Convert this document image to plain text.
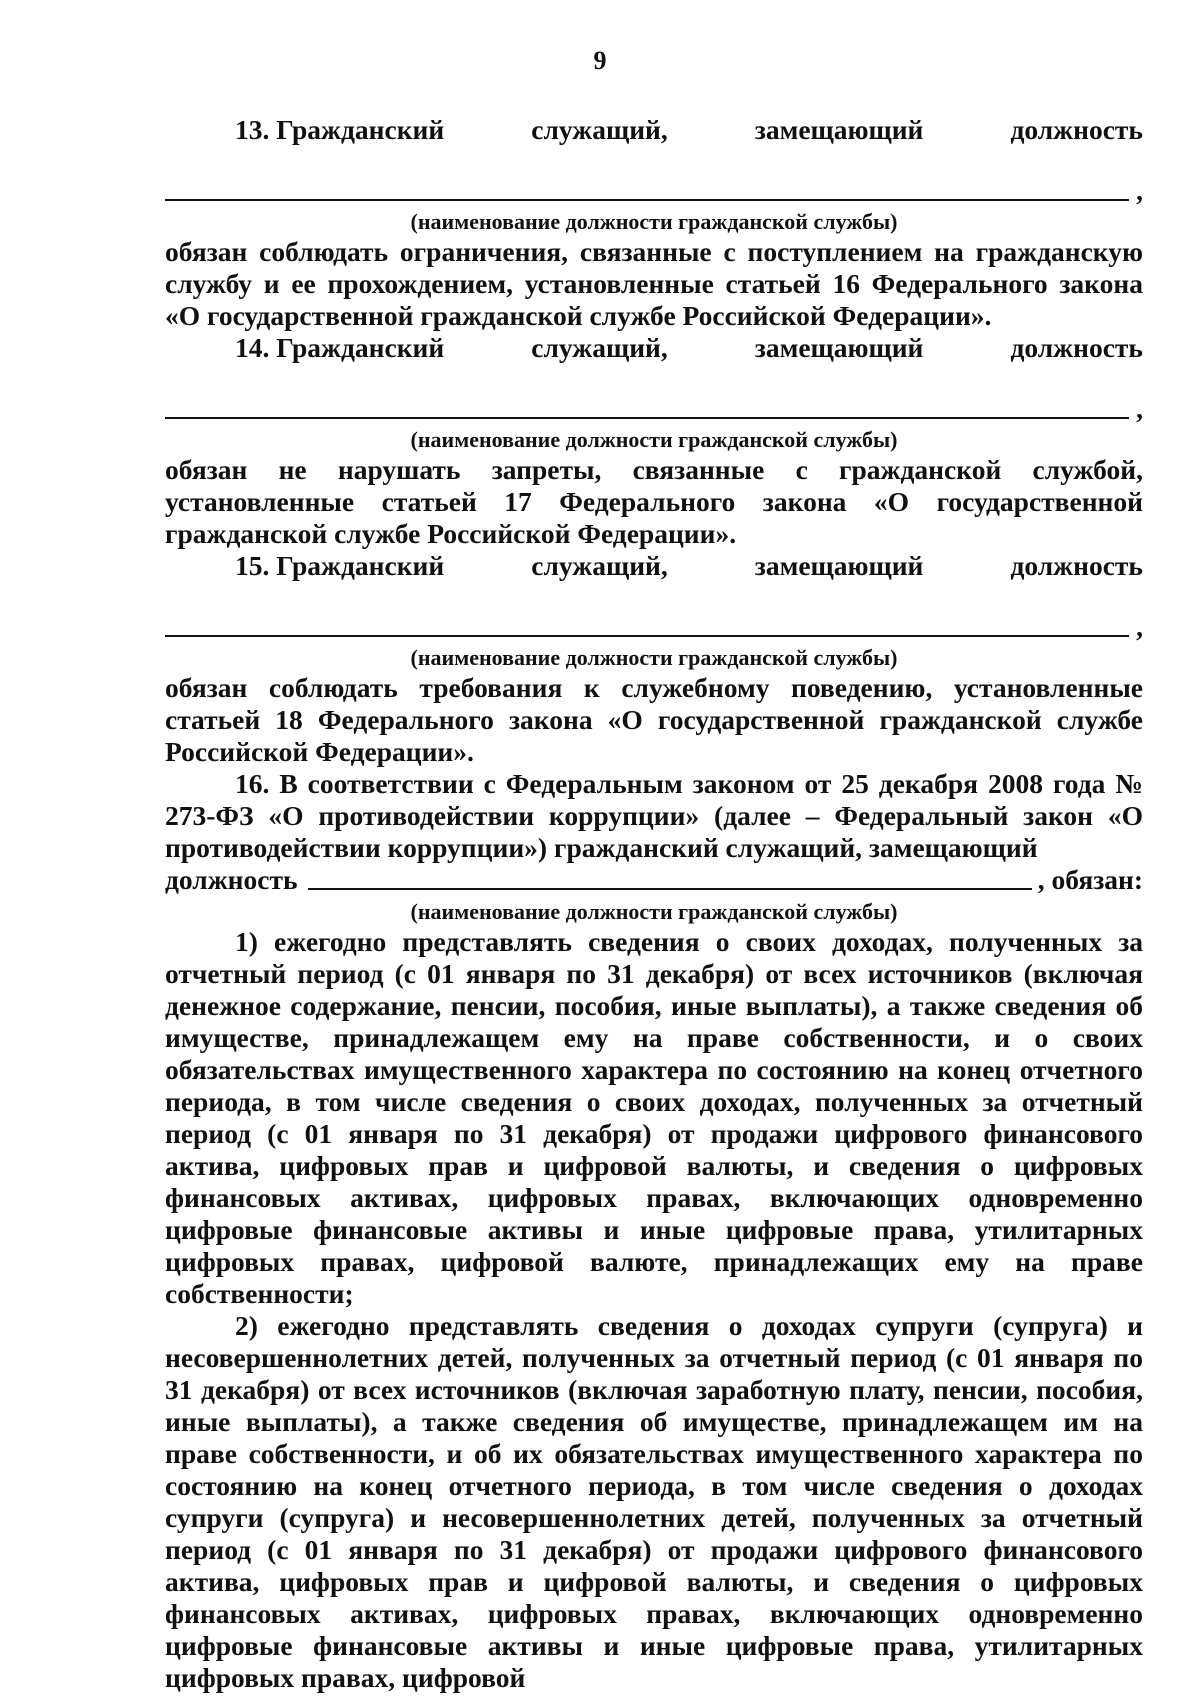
9
13. Гражданский	служащий,	замещающий	должность
,
(наименование должности гражданской службы)

обязан соблюдать ограничения, связанные с поступлением на гражданскую службу и ее прохождением, установленные статьей 16 Федерального закона «О государственной гражданской службе Российской Федерации».

14. Гражданский	служащий,	замещающий	должность
,
(наименование должности гражданской службы)

обязан не нарушать запреты, связанные с гражданской службой, установленные статьей 17 Федерального закона «О государственной гражданской службе Российской Федерации».

15. Гражданский	служащий,	замещающий	должность
,
(наименование должности гражданской службы)

обязан соблюдать требования к служебному поведению, установленные статьей 18 Федерального закона «О государственной гражданской службе Российской Федерации».

16. В соответствии с Федеральным законом от 25 декабря 2008 года № 273-ФЗ «О противодействии коррупции» (далее – Федеральный закон «О противодействии коррупции») гражданский служащий, замещающий

должность	, обязан:
(наименование должности гражданской службы)

1) ежегодно представлять сведения о своих доходах, полученных за отчетный период (с 01 января по 31 декабря) от всех источников (включая денежное содержание, пенсии, пособия, иные выплаты), а также сведения об имуществе, принадлежащем ему на праве собственности, и о своих обязательствах имущественного характера по состоянию на конец отчетного периода, в том числе сведения о своих доходах, полученных за отчетный период (с 01 января по 31 декабря) от продажи цифрового финансового актива, цифровых прав и цифровой валюты, и сведения о цифровых финансовых активах, цифровых правах, включающих одновременно цифровые финансовые активы и иные цифровые права, утилитарных цифровых правах, цифровой валюте, принадлежащих ему на праве собственности;

2) ежегодно представлять сведения о доходах супруги (супруга) и несовершеннолетних детей, полученных за отчетный период (с 01 января по 31 декабря) от всех источников (включая заработную плату, пенсии, пособия, иные выплаты), а также сведения об имуществе, принадлежащем им на праве собственности, и об их обязательствах имущественного характера по состоянию на конец отчетного периода, в том числе сведения о доходах супруги (супруга) и несовершеннолетних детей, полученных за отчетный период (с 01 января по 31 декабря) от продажи цифрового финансового актива, цифровых прав и цифровой валюты, и сведения о цифровых финансовых активах, цифровых правах, включающих одновременно цифровые финансовые активы и иные цифровые права, утилитарных цифровых правах, цифровой
